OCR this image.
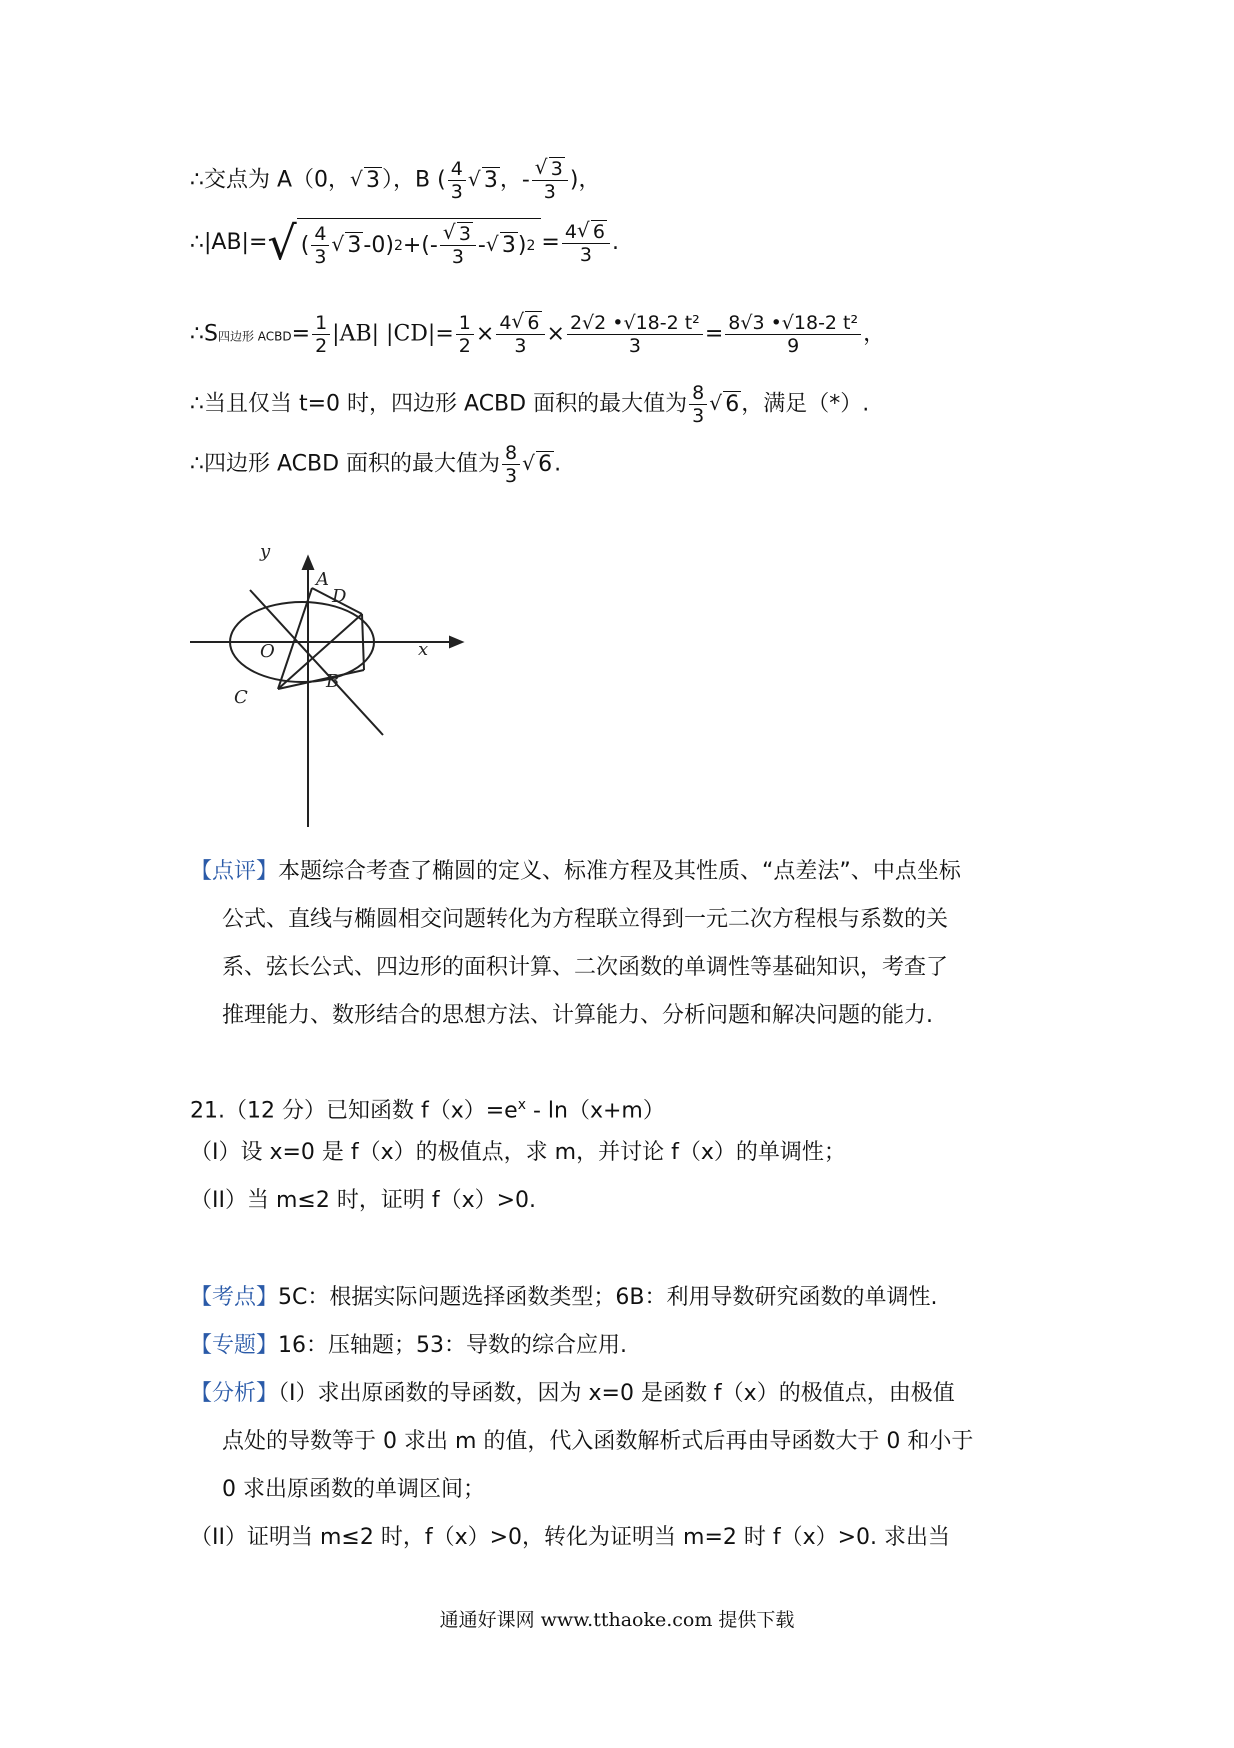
∴交点为 A（0， √ 3），B ( $\frac{4}{3}$ √ 3，- √ $\frac{3}{3}$ )，
∴|AB|= √ ( $\frac{4}{3}$ √ 3 -0) 2 +(- √ $\frac{3}{3}$ - √ 3 ) $2 = \frac{4 √ 6}{3}$ .
∴S四边形 ACBD= $\frac{1}{2} |AB|$ $|CD|= \frac{1}{2} \times \frac{4 √ 6}{3} \times \frac{\text{2√2 •√18-2 t²}}{3} = \frac{\text{8√3 •√18-2 t²}}{9}$ ，
∴当且仅当 t=0 时，四边形 ACBD 面积的最大值为 $\frac{8}{3}$ √ 6，满足（*）.
∴四边形 ACBD 面积的最大值为 $\frac{8}{3}$ √ 6.
y
x
A
D
O
B
C
【点评】本题综合考查了椭圆的定义、标准方程及其性质、“点差法”、中点坐标
公式、直线与椭圆相交问题转化为方程联立得到一元二次方程根与系数的关
系、弦长公式、四边形的面积计算、二次函数的单调性等基础知识，考查了
推理能力、数形结合的思想方法、计算能力、分析问题和解决问题的能力.
21.（12 分）已知函数 $f(x)=e^x - \ln(x+m)$
（I）设 x=0 是 f（x）的极值点，求 m，并讨论 f（x）的单调性；
（II）当 m≤2 时，证明 f（x）>0.
【考点】5C：根据实际问题选择函数类型；6B：利用导数研究函数的单调性.
【专题】16：压轴题；53：导数的综合应用.
【分析】（I）求出原函数的导函数，因为 x=0 是函数 f（x）的极值点，由极值
点处的导数等于 0 求出 m 的值，代入函数解析式后再由导函数大于 0 和小于
0 求出原函数的单调区间；
（II）证明当 m≤2 时，f（x）>0，转化为证明当 m=2 时 f（x）>0. 求出当
通通好课网 www.tthaoke.com 提供下载
